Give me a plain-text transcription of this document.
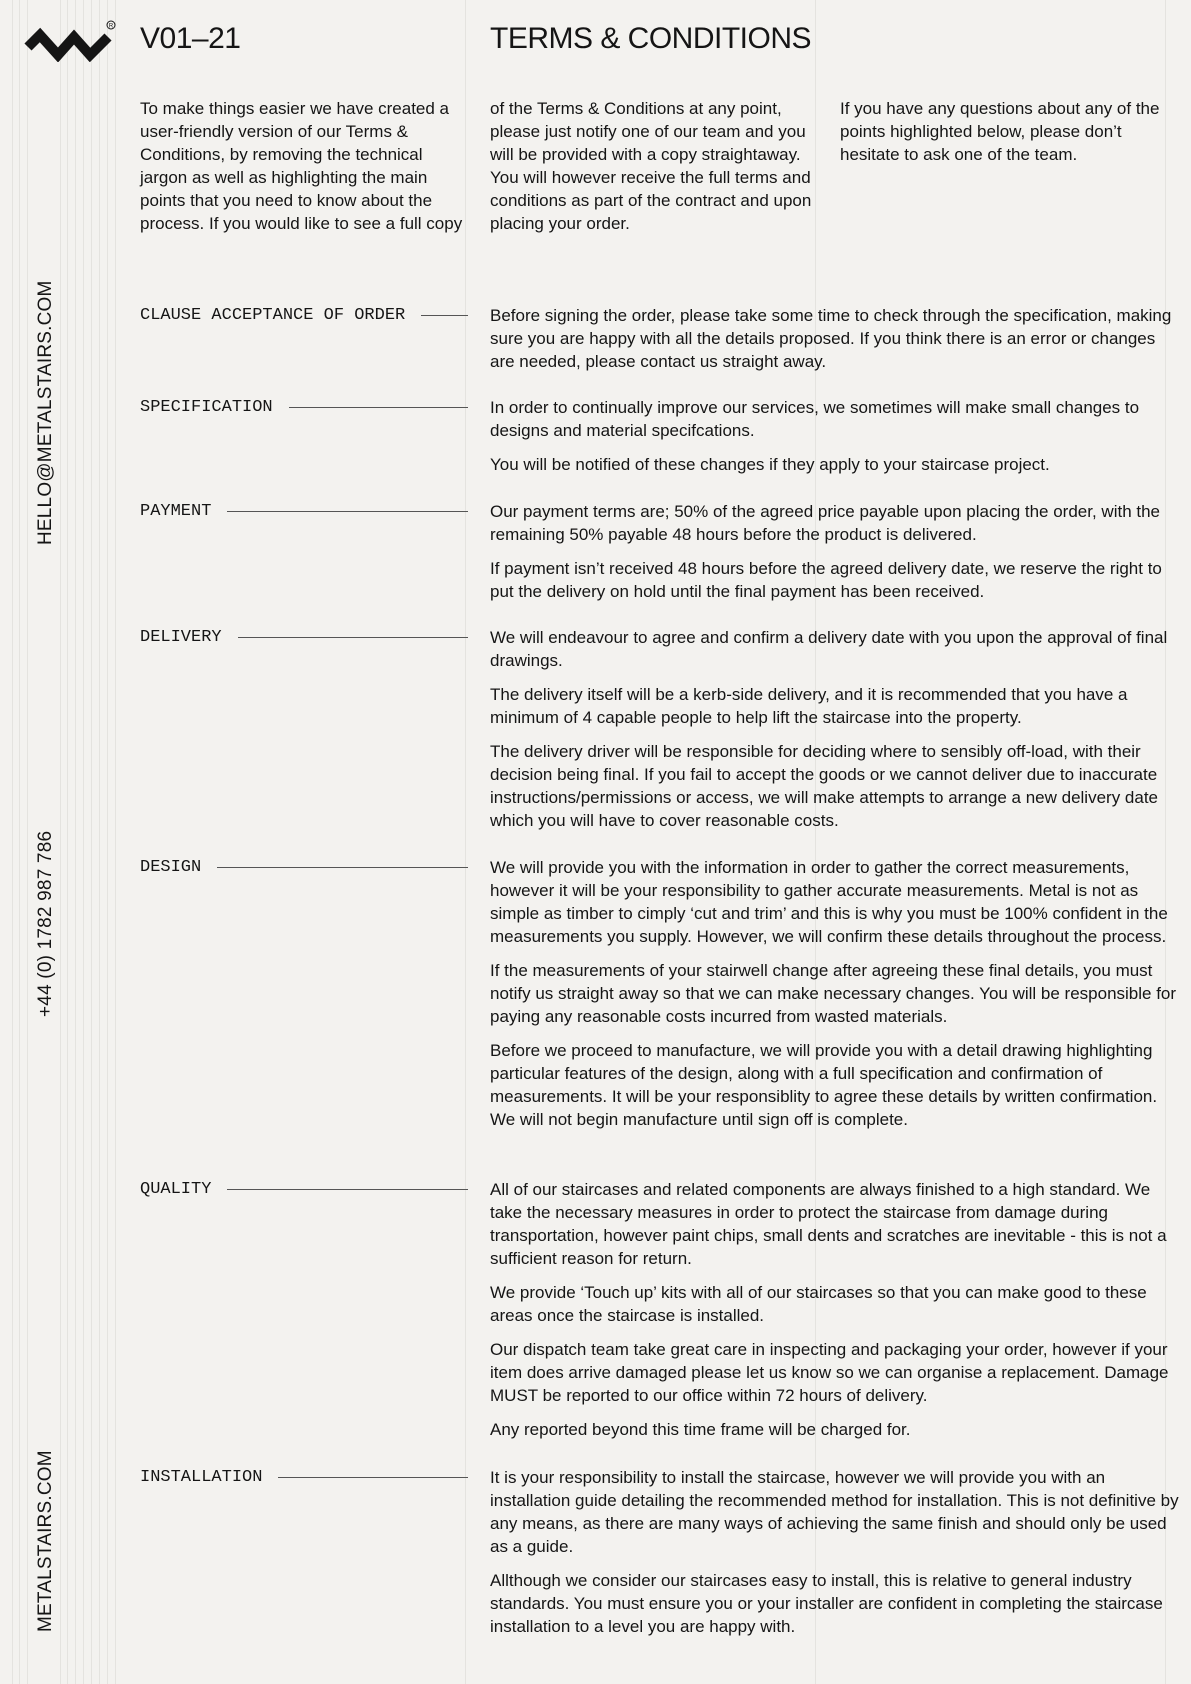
R V01–21	TERMS & CONDITIONS
HELLO@METALSTAIRS.COM
+44 (0) 1782 987 786
METALSTAIRS.COM

To make things easier we have created a user-friendly version of our Terms & Conditions, by removing the technical jargon as well as highlighting the main points that you need to know about the process. If you would like to see a full copy

of the Terms & Conditions at any point, please just notify one of our team and you will be provided with a copy straightaway. You will however receive the full terms and conditions as part of the contract and upon placing your order.

If you have any questions about any of the points highlighted below, please don’t hesitate to ask one of the team.

CLAUSE ACCEPTANCE OF ORDER	Before signing the order, please take some time to check through the specification, making sure you are happy with all the details proposed. If you think there is an error or changes are needed, please contact us straight away.

SPECIFICATION	In order to continually improve our services, we sometimes will make small changes to designs and material specifcations.

You will be notified of these changes if they apply to your staircase project.

PAYMENT	Our payment terms are; 50% of the agreed price payable upon placing the order, with the remaining 50% payable 48 hours before the product is delivered.

If payment isn’t received 48 hours before the agreed delivery date, we reserve the right to put the delivery on hold until the final payment has been received.

DELIVERY	We will endeavour to agree and confirm a delivery date with you upon the approval of final drawings.

The delivery itself will be a kerb-side delivery, and it is recommended that you have a minimum of 4 capable people to help lift the staircase into the property.

The delivery driver will be responsible for deciding where to sensibly off-load, with their decision being final. If you fail to accept the goods or we cannot deliver due to inaccurate instructions/permissions or access, we will make attempts to arrange a new delivery date which you will have to cover reasonable costs.

DESIGN	We will provide you with the information in order to gather the correct measurements, however it will be your responsibility to gather accurate measurements. Metal is not as simple as timber to cimply ‘cut and trim’ and this is why you must be 100% confident in the measurements you supply. However, we will confirm these details throughout the process.

If the measurements of your stairwell change after agreeing these final details, you must notify us straight away so that we can make necessary changes. You will be responsible for paying any reasonable costs incurred from wasted materials.

Before we proceed to manufacture, we will provide you with a detail drawing highlighting particular features of the design, along with a full specification and confirmation of measurements. It will be your responsiblity to agree these details by written confirmation. We will not begin manufacture until sign off is complete.

QUALITY	All of our staircases and related components are always finished to a high standard. We take the necessary measures in order to protect the staircase from damage during transportation, however paint chips, small dents and scratches are inevitable - this is not a sufficient reason for return.

We provide ‘Touch up’ kits with all of our staircases so that you can make good to these areas once the staircase is installed.

Our dispatch team take great care in inspecting and packaging your order, however if your item does arrive damaged please let us know so we can organise a replacement. Damage MUST be reported to our office within 72 hours of delivery.

Any reported beyond this time frame will be charged for.

INSTALLATION	It is your responsibility to install the staircase, however we will provide you with an installation guide detailing the recommended method for installation. This is not definitive by any means, as there are many ways of achieving the same finish and should only be used as a guide.

Allthough we consider our staircases easy to install, this is relative to general industry standards. You must ensure you or your installer are confident in completing the staircase installation to a level you are happy with.
